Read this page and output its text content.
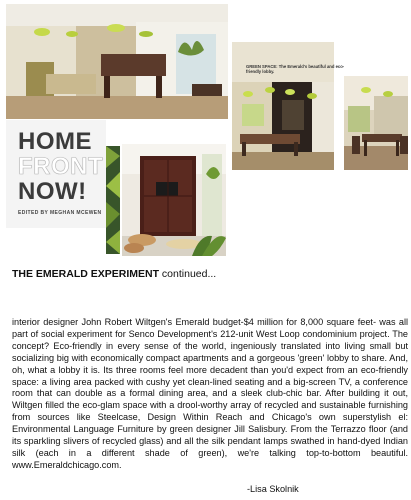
HOME
FRONT
NOW!
EDITED BY MEGHAN MCEWEN
GREEN SPACE: The Emerald's beautiful and eco-friendly lobby.
THE EMERALD EXPERIMENT continued...
interior designer John Robert Wiltgen's Emerald budget-$4 million for 8,000 square feet- was all part of social experiment for Senco Development's 212-unit West Loop condominium project. The concept? Eco-friendly in every sense of the world, ingeniously translated into living small but socializing big with economically compact apartments and a gorgeous 'green' lobby to share. And, oh, what a lobby it is. Its three rooms feel more decadent than you'd expect from an eco-friendly space: a living area packed with cushy yet clean-lined seating and a big-screen TV, a conference room that can double as a formal dining area, and a sleek club-chic bar. After building it out, Wiltgen filled the eco-glam space with a drool-worthy array of recycled and sustainable furnishing from sources like Steelcase, Design Within Reach and Chicago's own superstylish el: Environmental Language Furniture by green designer Jill Salisbury. From the Terrazzo floor (and its sparkling slivers of recycled glass) and all the silk pendant lamps swathed in hand-dyed Indian silk (each in a different shade of green), we're talking top-to-bottom beautiful. www.Emeraldchicago.com.
-Lisa Skolnik
